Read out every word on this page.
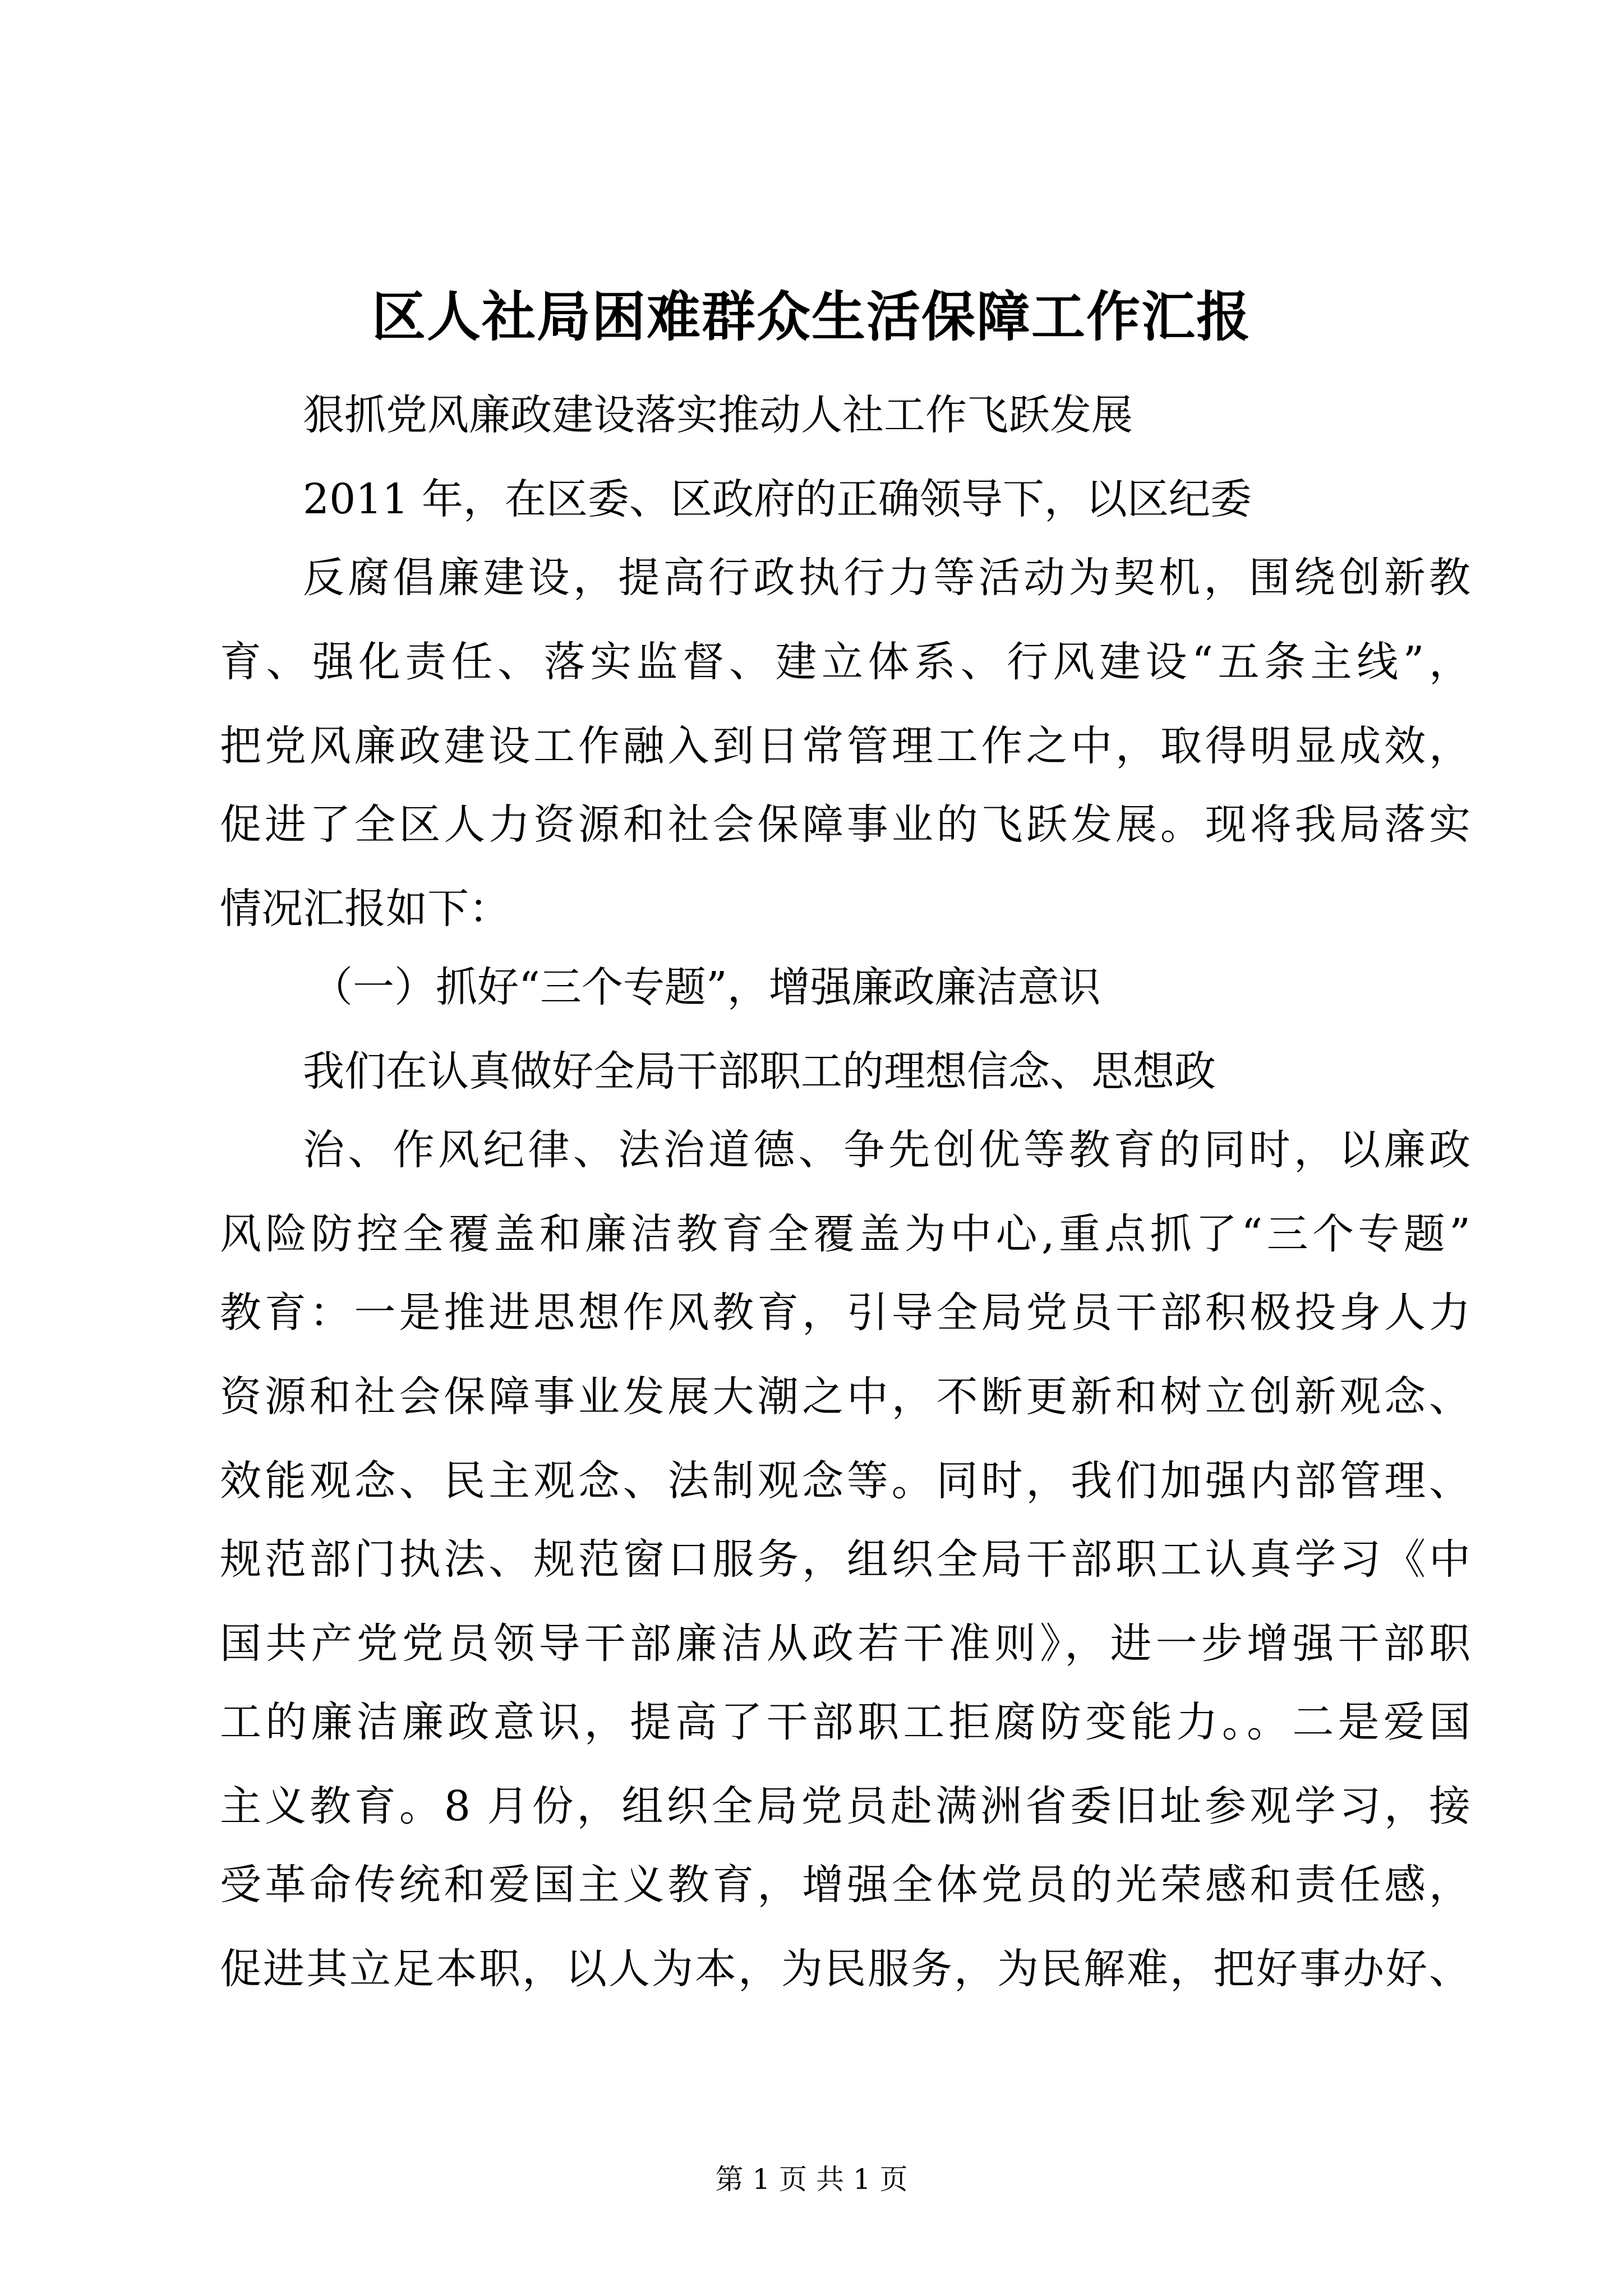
区人社局困难群众生活保障工作汇报
狠抓党风廉政建设落实推动人社工作飞跃发展
2011 年，在区委、区政府的正确领导下，以区纪委
反腐倡廉建设，提高行政执行力等活动为契机，围绕创新教
育、强化责任、落实监督、建立体系、行风建设“五条主线”，
把党风廉政建设工作融入到日常管理工作之中，取得明显成效，
促进了全区人力资源和社会保障事业的飞跃发展。现将我局落实
情况汇报如下：
（一）抓好“三个专题”，增强廉政廉洁意识
我们在认真做好全局干部职工的理想信念、思想政
治、作风纪律、法治道德、争先创优等教育的同时，以廉政
风险防控全覆盖和廉洁教育全覆盖为中心,重点抓了“三个专题”
教育：一是推进思想作风教育，引导全局党员干部积极投身人力
资源和社会保障事业发展大潮之中，不断更新和树立创新观念、
效能观念、民主观念、法制观念等。同时，我们加强内部管理、
规范部门执法、规范窗口服务，组织全局干部职工认真学习《中
国共产党党员领导干部廉洁从政若干准则》，进一步增强干部职
工的廉洁廉政意识，提高了干部职工拒腐防变能力。。二是爱国
主义教育。8 月份，组织全局党员赴满洲省委旧址参观学习，接
受革命传统和爱国主义教育，增强全体党员的光荣感和责任感，
促进其立足本职，以人为本，为民服务，为民解难，把好事办好、
第 1 页 共 1 页
